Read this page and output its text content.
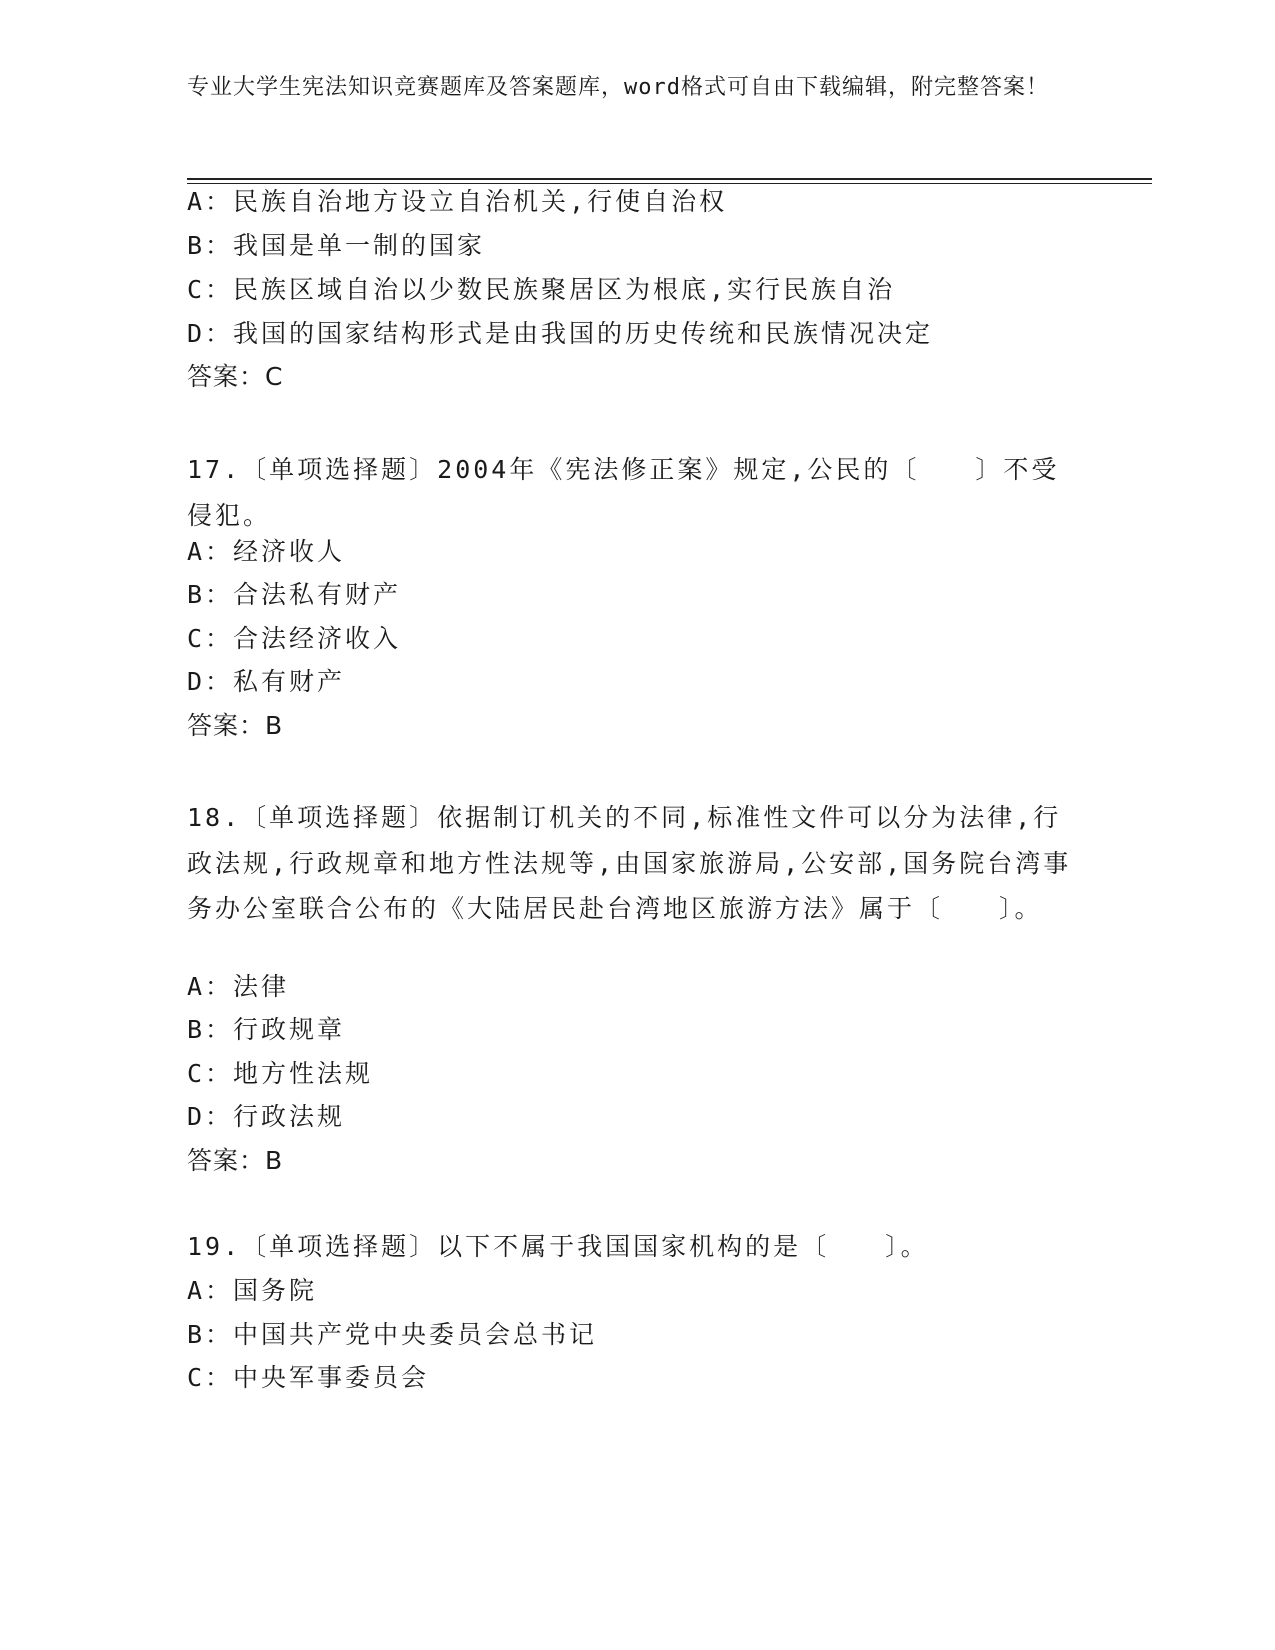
专业大学生宪法知识竞赛题库及答案题库，word格式可自由下载编辑，附完整答案！
A：民族自治地方设立自治机关,行使自治权
B：我国是单一制的国家
C：民族区域自治以少数民族聚居区为根底,实行民族自治
D：我国的国家结构形式是由我国的历史传统和民族情况决定
答案：C
17.〔单项选择题〕2004年《宪法修正案》规定,公民的〔　　〕不受侵犯。
A：经济收人
B：合法私有财产
C：合法经济收入
D：私有财产
答案：B
18.〔单项选择题〕依据制订机关的不同,标准性文件可以分为法律,行政法规,行政规章和地方性法规等,由国家旅游局,公安部,国务院台湾事务办公室联合公布的《大陆居民赴台湾地区旅游方法》属于〔　　〕。
A：法律
B：行政规章
C：地方性法规
D：行政法规
答案：B
19.〔单项选择题〕以下不属于我国国家机构的是〔　　〕。
A：国务院
B：中国共产党中央委员会总书记
C：中央军事委员会
